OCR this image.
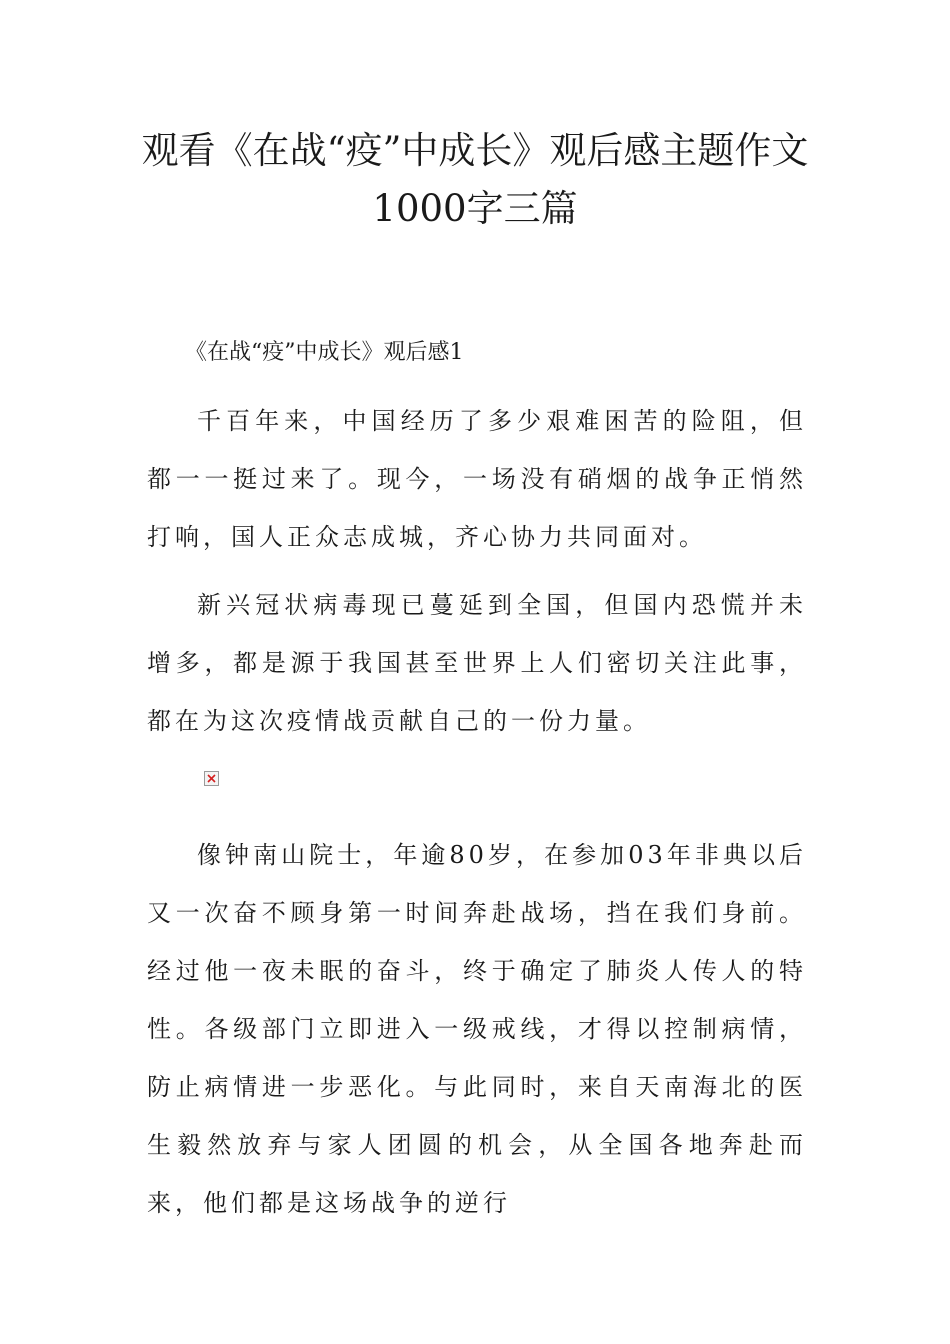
观看《在战“疫”中成长》观后感主题作文1000字三篇

《在战“疫”中成长》观后感1

千百年来，中国经历了多少艰难困苦的险阻，但都一一挺过来了。现今，一场没有硝烟的战争正悄然打响，国人正众志成城，齐心协力共同面对。

新兴冠状病毒现已蔓延到全国，但国内恐慌并未增多，都是源于我国甚至世界上人们密切关注此事，都在为这次疫情战贡献自己的一份力量。

像钟南山院士，年逾80岁，在参加03年非典以后又一次奋不顾身第一时间奔赴战场，挡在我们身前。经过他一夜未眠的奋斗，终于确定了肺炎人传人的特性。各级部门立即进入一级戒线，才得以控制病情，防止病情进一步恶化。与此同时，来自天南海北的医生毅然放弃与家人团圆的机会，从全国各地奔赴而来，他们都是这场战争的逆行
